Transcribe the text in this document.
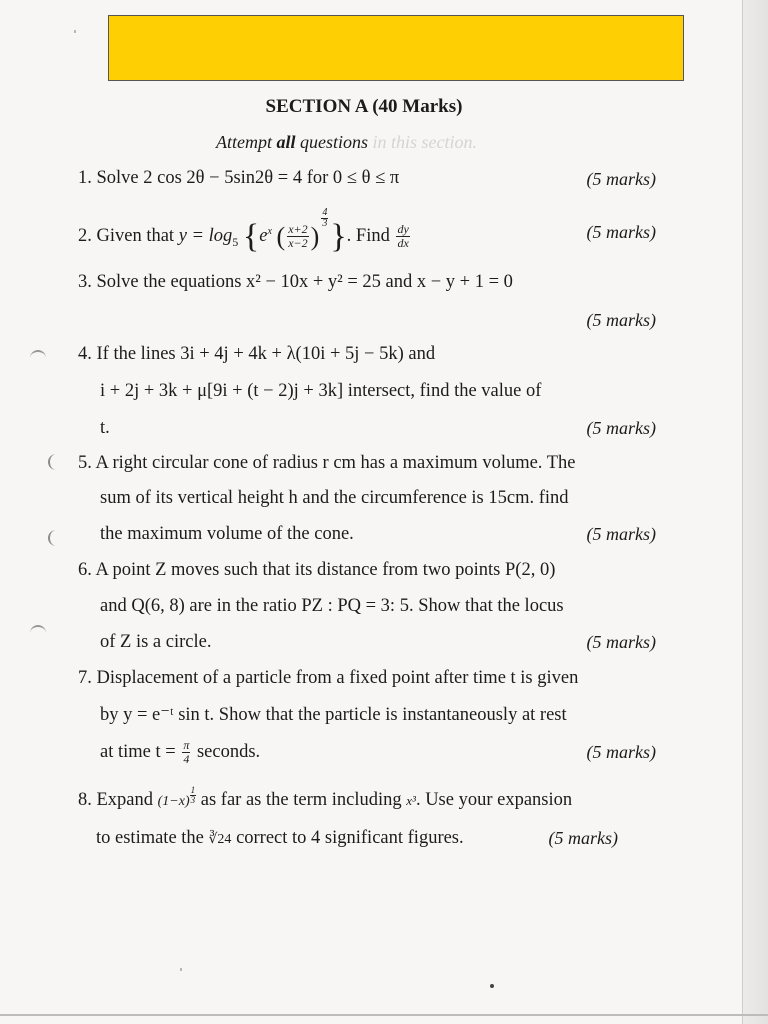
SECTION A (40 Marks)
Attempt all questions in this section.
1. Solve 2 cos 2θ − 5sin2θ = 4 for 0 ≤ θ ≤ π	(5 marks)
2. Given that $y = \log_5 \{e^x$ ( $\frac{x+2}{x-2}$ )
$\frac{4}{3}$ }. Find $\frac{dy}{dx}$	(5 marks)
3. Solve the equations x² − 10x + y² = 25 and x − y + 1 = 0
(5 marks)
4. If the lines 3i + 4j + 4k + λ(10i + 5j − 5k) and
i + 2j + 3k + μ[9i + (t − 2)j + 3k] intersect, find the value of
t.	(5 marks)
5. A right circular cone of radius r cm has a maximum volume. The
sum of its vertical height h and the circumference is 15cm. find
the maximum volume of the cone.	(5 marks)
6. A point Z moves such that its distance from two points P(2, 0)
and Q(6, 8) are in the ratio PZ : PQ = 3: 5. Show that the locus
of Z is a circle.	(5 marks)
7. Displacement of a particle from a fixed point after time t is given
by y = e⁻ᵗ sin t. Show that the particle is instantaneously at rest
at time $t = \frac{\pi}{4}$ seconds.	(5 marks)
8. Expand $(1-x) \frac{1}{3}$ as far as the term including x³. Use your expansion
to estimate the ∛24 correct to 4 significant figures.	(5 marks)
